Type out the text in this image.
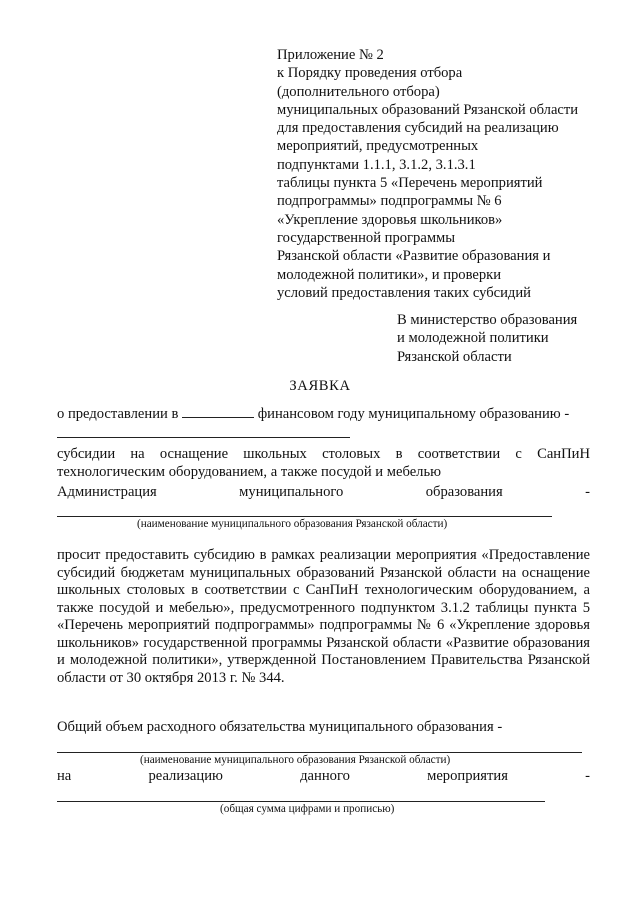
Приложение № 2
к Порядку проведения отбора
(дополнительного отбора)
муниципальных образований Рязанской области
для предоставления субсидий на реализацию
мероприятий, предусмотренных
подпунктами 1.1.1, 3.1.2, 3.1.3.1
таблицы пункта 5 «Перечень мероприятий
подпрограммы» подпрограммы № 6
«Укрепление здоровья школьников»
государственной программы
Рязанской области «Развитие образования и
молодежной политики», и проверки
условий предоставления таких субсидий
В министерство образования
и молодежной политики
Рязанской области
ЗАЯВКА
о предоставлении в	финансовом году муниципальному образованию -
субсидии на оснащение школьных столовых в соответствии с СанПиН технологическим оборудованием, а также посудой и мебелью
Администрация	муниципального	образования	-
(наименование муниципального образования Рязанской области)
просит предоставить субсидию в рамках реализации мероприятия «Предоставление субсидий бюджетам муниципальных образований Рязанской области на оснащение школьных столовых в соответствии с СанПиН технологическим оборудованием, а также посудой и мебелью», предусмотренного подпунктом 3.1.2 таблицы пункта 5 «Перечень мероприятий подпрограммы» подпрограммы № 6 «Укрепление здоровья школьников» государственной программы Рязанской области «Развитие образования и молодежной политики», утвержденной Постановлением Правительства Рязанской области от 30 октября 2013 г. № 344.
Общий объем расходного обязательства муниципального образования -
(наименование муниципального образования Рязанской области)
на	реализацию	данного	мероприятия	-
(общая сумма цифрами и прописью)
